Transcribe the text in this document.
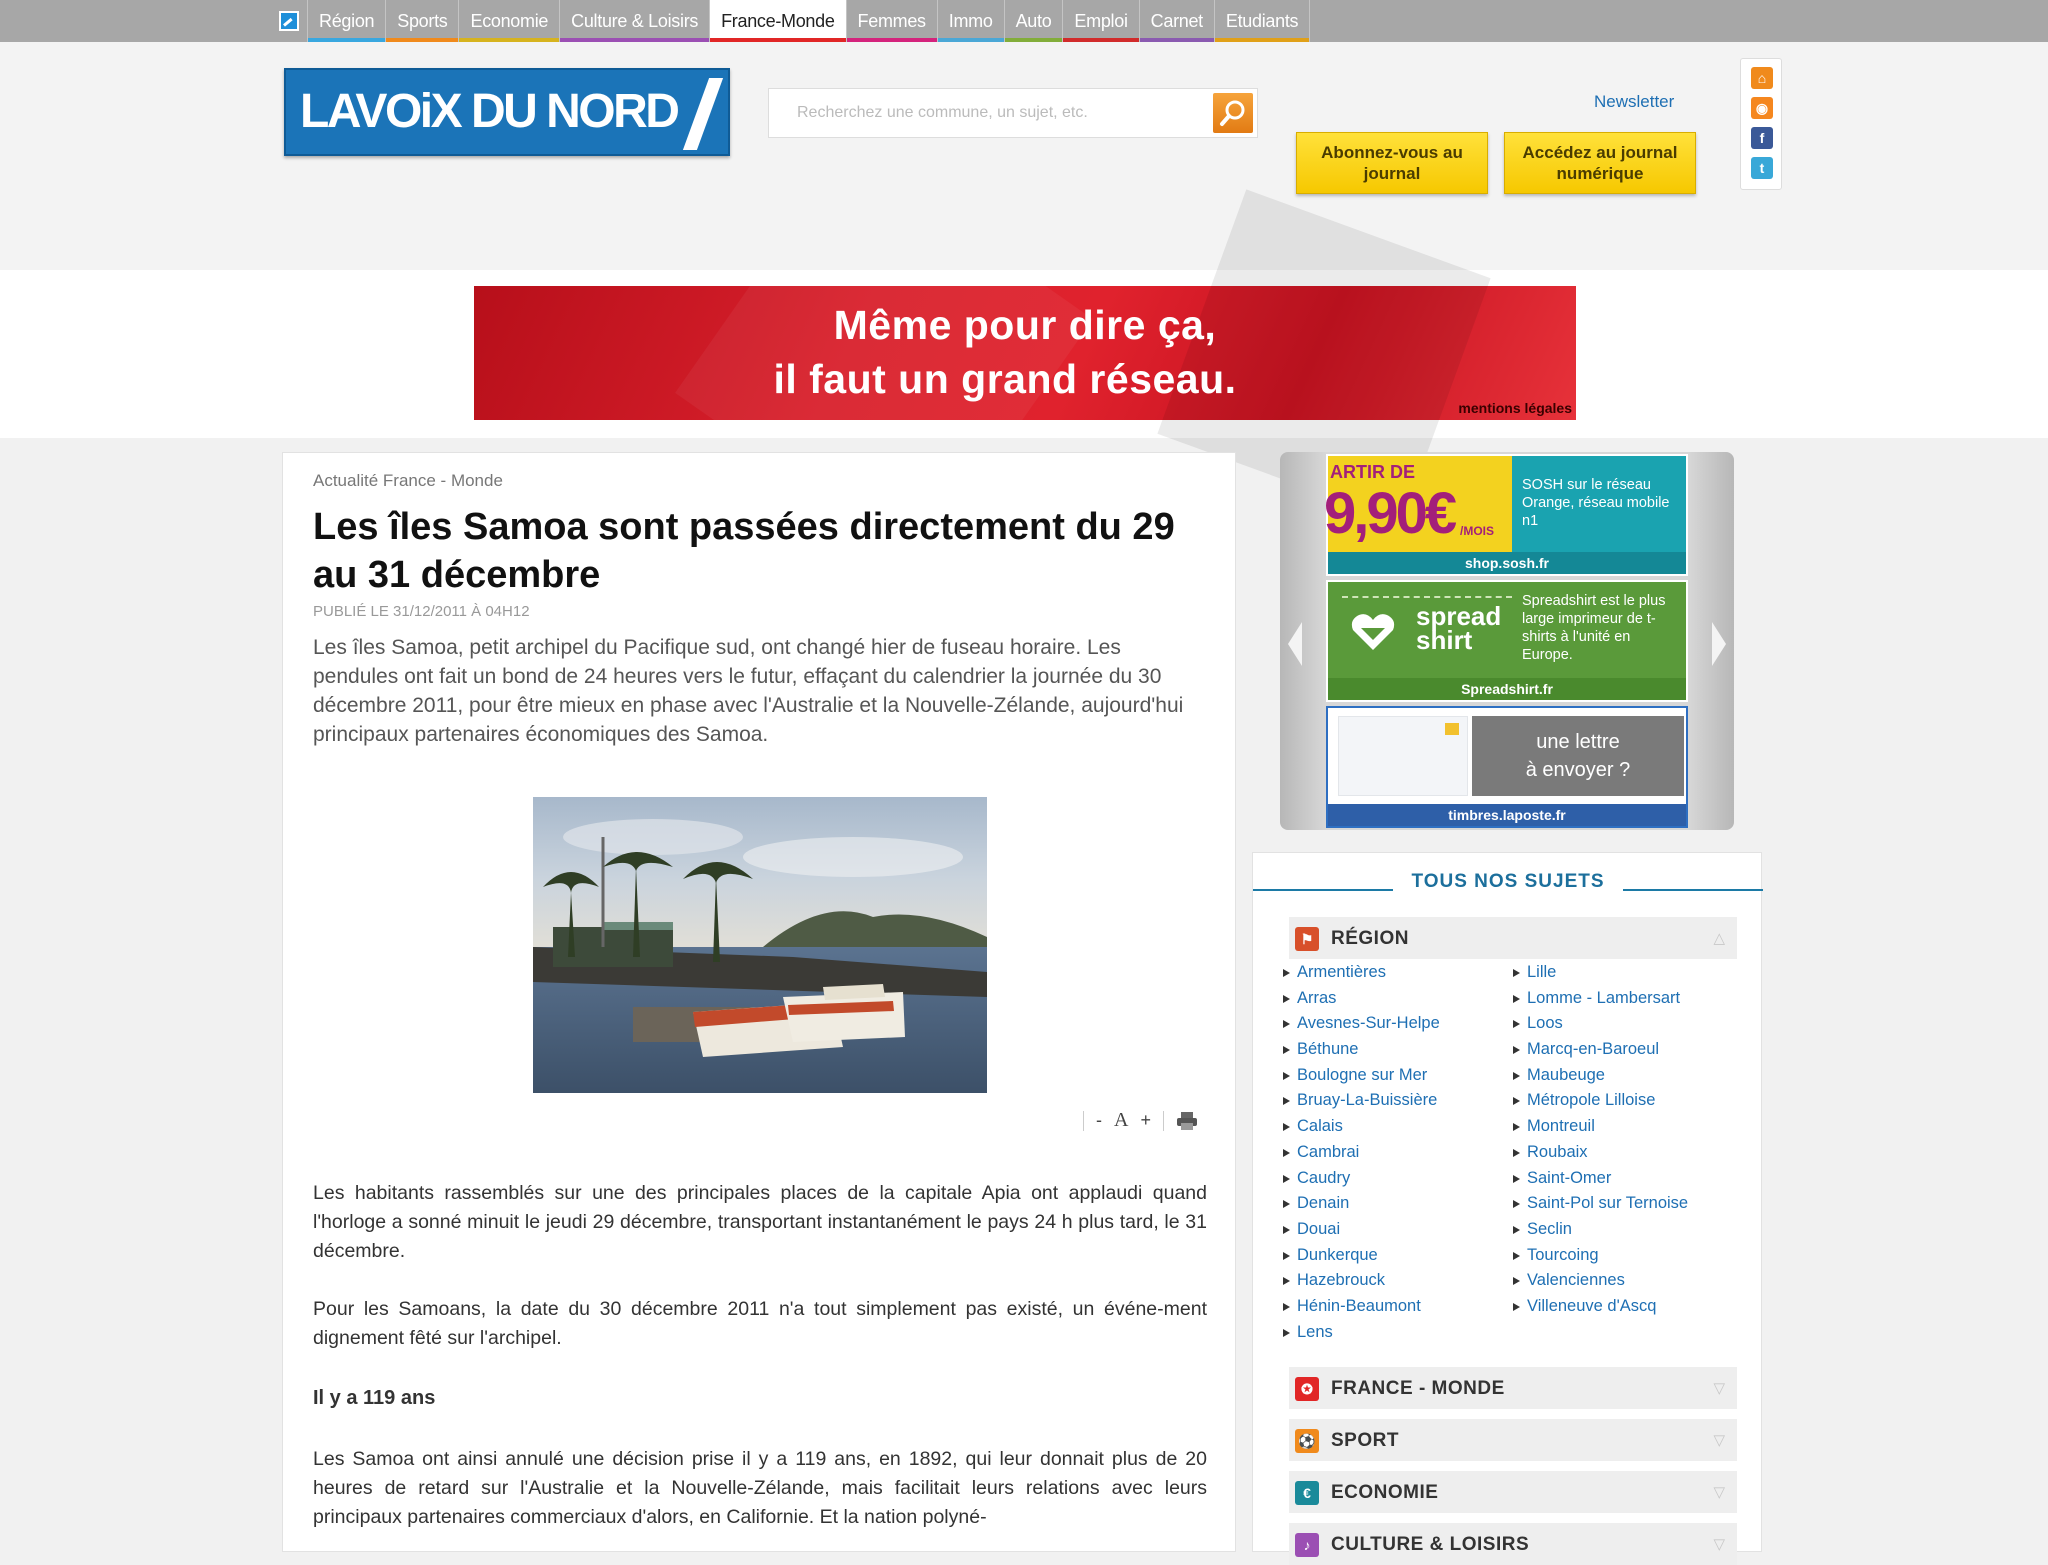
Région	Sports	Economie	Culture & Loisirs	France-Monde	Femmes	Immo	Auto	Emploi	Carnet	Etudiants
LAVOiX DU NORD
Recherchez une commune, un sujet, etc.	Newsletter
Abonnez-vous au journal
Accédez au journal numérique
⌂
◉
f
t
Même pour dire ça,
il faut un grand réseau.
mentions légales
Actualité France - Monde
Les îles Samoa sont passées directement du 29 au 31 décembre
PUBLIÉ LE 31/12/2011 À 04H12
Les îles Samoa, petit archipel du Pacifique sud, ont changé hier de fuseau horaire. Les pendules ont fait un bond de 24 heures vers le futur, effaçant du calendrier la journée du 30 décembre 2011, pour être mieux en phase avec l'Australie et la Nouvelle-Zélande, aujourd'hui principaux partenaires économiques des Samoa.
- A +
Les habitants rassemblés sur une des principales places de la capitale Apia ont applaudi quand l'horloge a sonné minuit le jeudi 29 décembre, transportant instantanément le pays 24 h plus tard, le 31 décembre.
Pour les Samoans, la date du 30 décembre 2011 n'a tout simplement pas existé, un événe-ment dignement fêté sur l'archipel.
Il y a 119 ans
Les Samoa ont ainsi annulé une décision prise il y a 119 ans, en 1892, qui leur donnait plus de 20 heures de retard sur l'Australie et la Nouvelle-Zélande, mais facilitait leurs relations avec leurs principaux partenaires commerciaux d'alors, en Californie. Et la nation polyné-
ARTIR DE
9,90€ /MOIS
SOSH sur le réseau Orange, réseau mobile n1
shop.sosh.fr
spread
shirt
Spreadshirt est le plus large imprimeur de t-shirts à l'unité en Europe.
Spreadshirt.fr
une lettre
à envoyer ?
timbres.laposte.fr
TOUS NOS SUJETS
⚑ RÉGION	△
Armentières
Arras
Avesnes-Sur-Helpe
Béthune
Boulogne sur Mer
Bruay-La-Buissière
Calais
Cambrai
Caudry
Denain
Douai
Dunkerque
Hazebrouck
Hénin-Beaumont
Lens
Lille
Lomme - Lambersart
Loos
Marcq-en-Baroeul
Maubeuge
Métropole Lilloise
Montreuil
Roubaix
Saint-Omer
Saint-Pol sur Ternoise
Seclin
Tourcoing
Valenciennes
Villeneuve d'Ascq
✪ FRANCE - MONDE	▽
⚽ SPORT	▽
€	ECONOMIE	▽
♪	CULTURE & LOISIRS	▽
